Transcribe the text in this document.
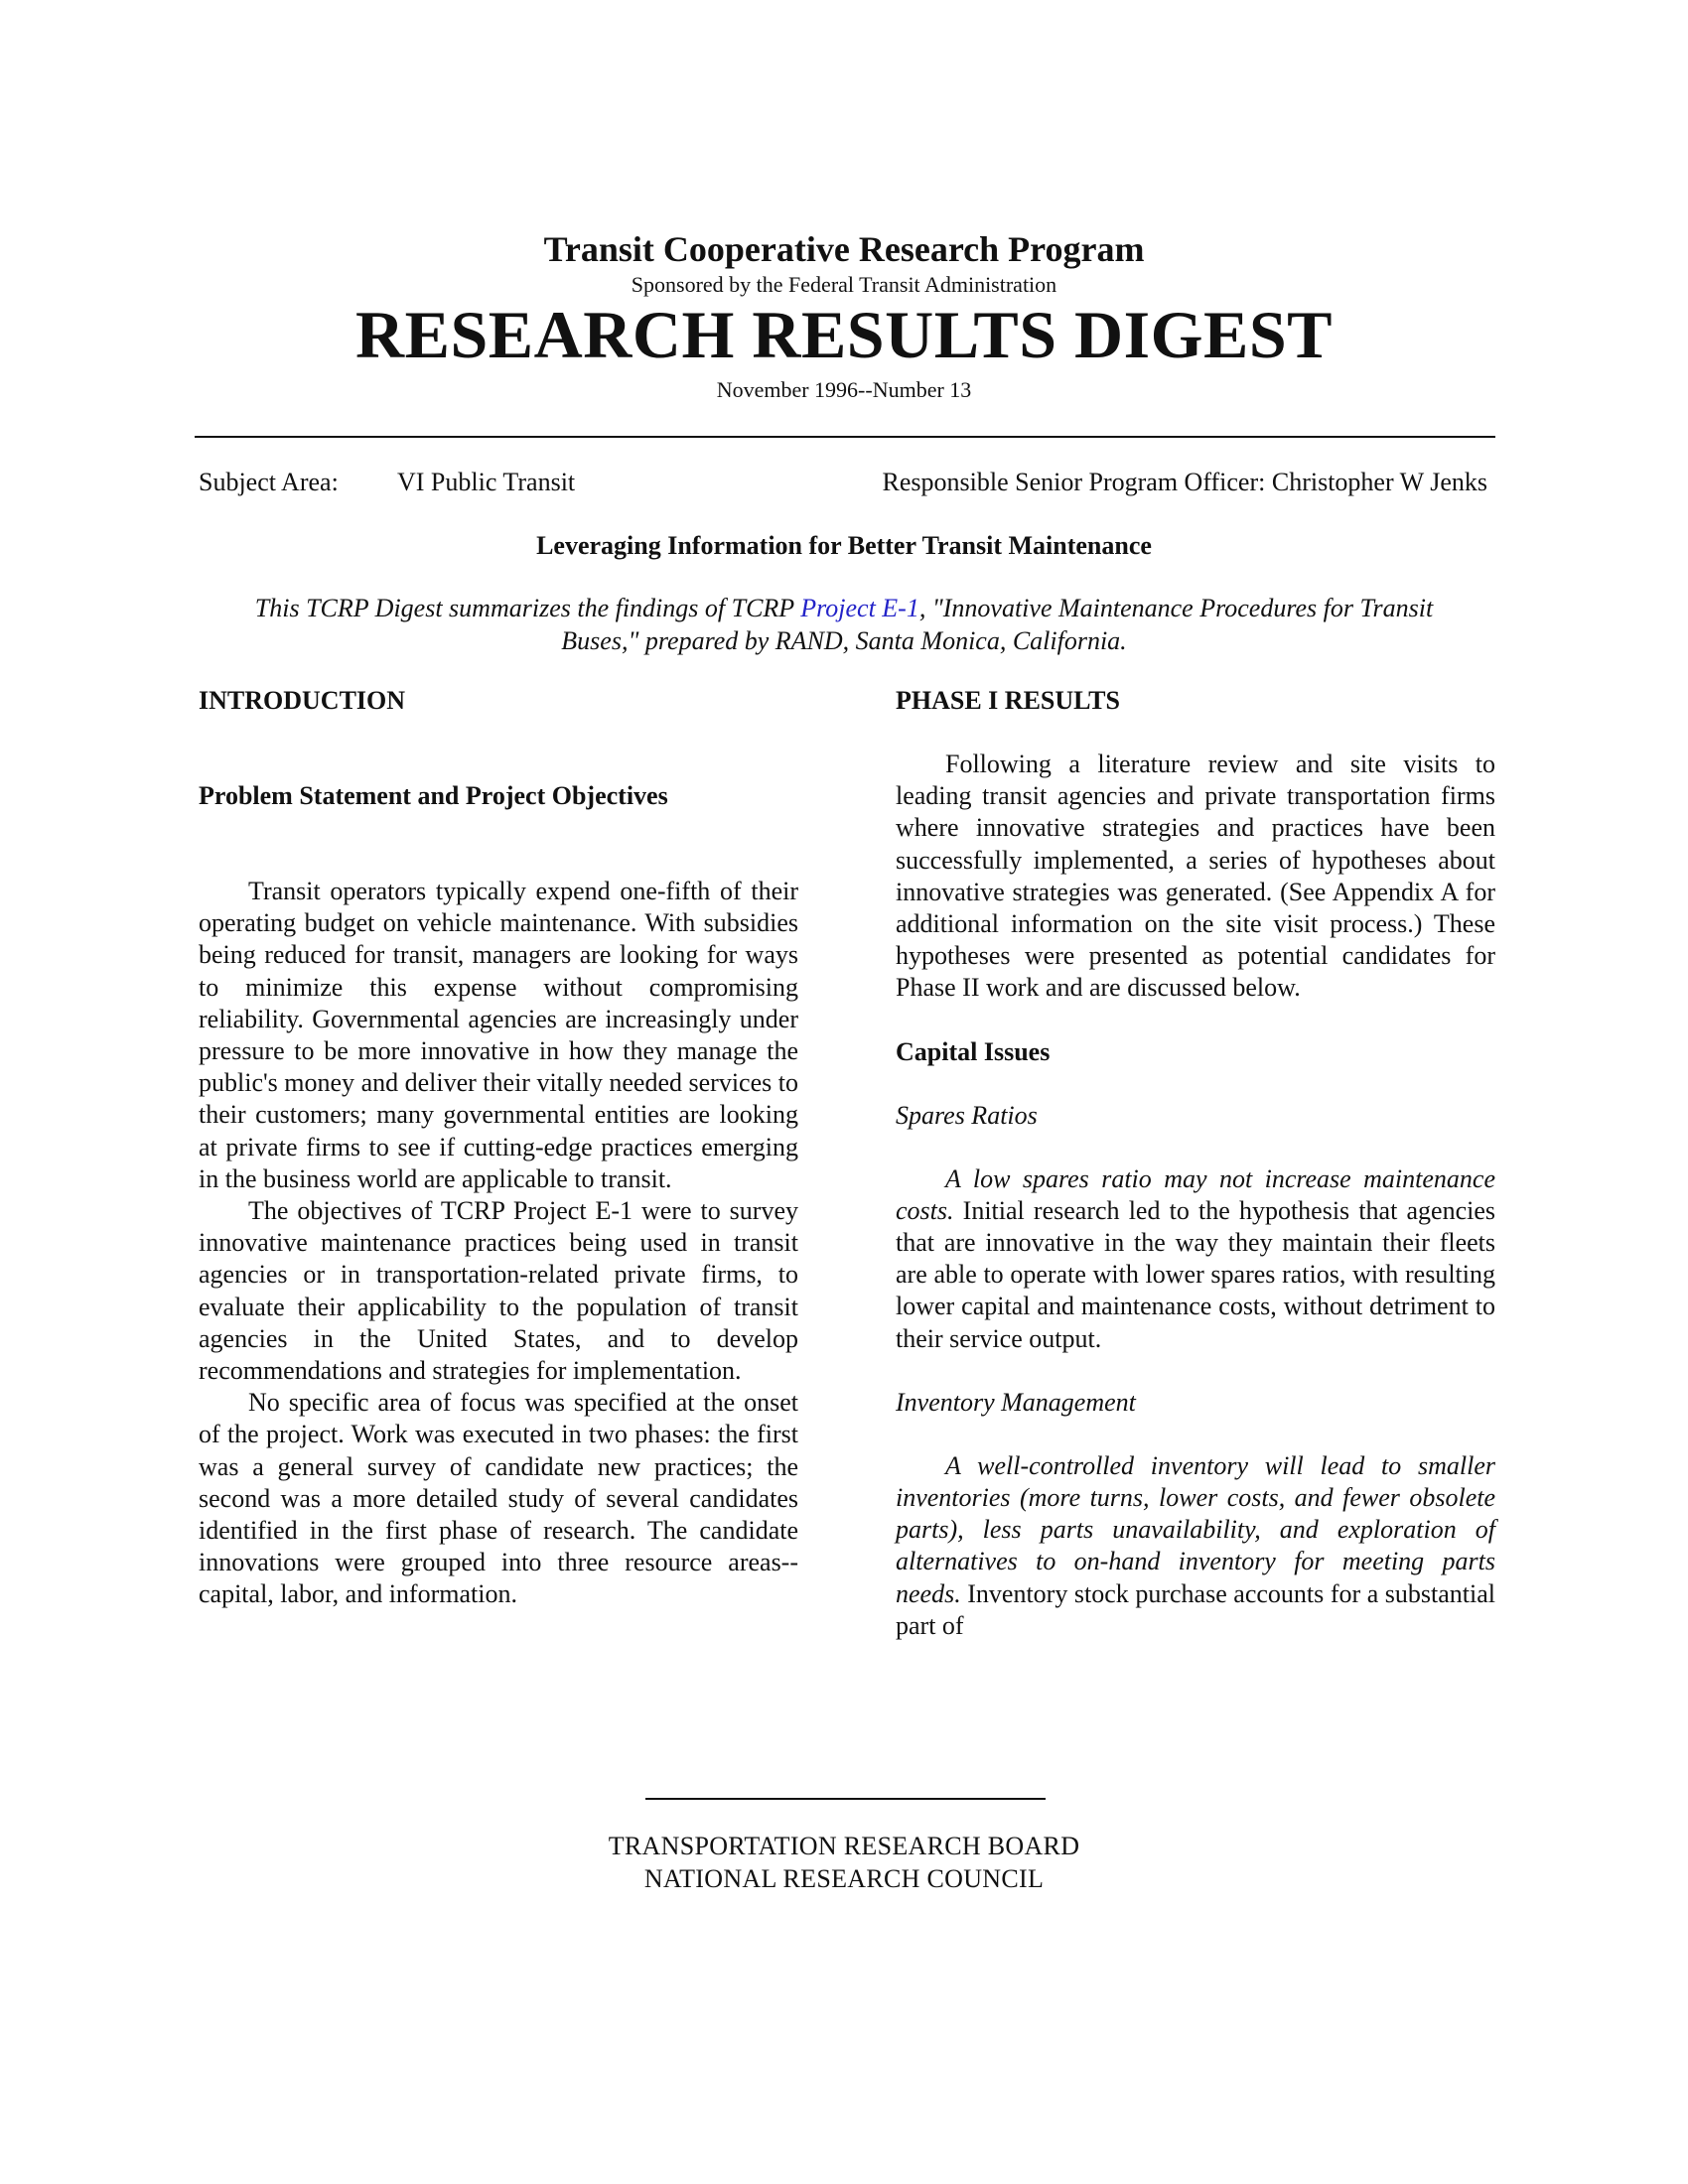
Transit Cooperative Research Program
Sponsored by the Federal Transit Administration
RESEARCH RESULTS DIGEST
November 1996--Number 13
Subject Area: VI Public Transit	Responsible Senior Program Officer: Christopher W Jenks
Leveraging Information for Better Transit Maintenance
This TCRP Digest summarizes the findings of TCRP Project E-1, "Innovative Maintenance Procedures for Transit Buses," prepared by RAND, Santa Monica, California.
INTRODUCTION
Problem Statement and Project Objectives

Transit operators typically expend one-fifth of their operating budget on vehicle maintenance. With subsidies being reduced for transit, managers are looking for ways to minimize this expense without compromising reliability. Governmental agencies are increasingly under pressure to be more innovative in how they manage the public's money and deliver their vitally needed services to their customers; many governmental entities are looking at private firms to see if cutting-edge practices emerging in the business world are applicable to transit.

The objectives of TCRP Project E-1 were to survey innovative maintenance practices being used in transit agencies or in transportation-related private firms, to evaluate their applicability to the population of transit agencies in the United States, and to develop recommendations and strategies for implementation.

No specific area of focus was specified at the onset of the project. Work was executed in two phases: the first was a general survey of candidate new practices; the second was a more detailed study of several candidates identified in the first phase of research. The candidate innovations were grouped into three resource areas--capital, labor, and information.

PHASE I RESULTS

Following a literature review and site visits to leading transit agencies and private transportation firms where innovative strategies and practices have been successfully implemented, a series of hypotheses about innovative strategies was generated. (See Appendix A for additional information on the site visit process.) These hypotheses were presented as potential candidates for Phase II work and are discussed below.

Capital Issues
Spares Ratios

A low spares ratio may not increase maintenance costs. Initial research led to the hypothesis that agencies that are innovative in the way they maintain their fleets are able to operate with lower spares ratios, with resulting lower capital and maintenance costs, without detriment to their service output.

Inventory Management

A well-controlled inventory will lead to smaller inventories (more turns, lower costs, and fewer obsolete parts), less parts unavailability, and exploration of alternatives to on-hand inventory for meeting parts needs. Inventory stock purchase accounts for a substantial part of

TRANSPORTATION RESEARCH BOARD
NATIONAL RESEARCH COUNCIL
